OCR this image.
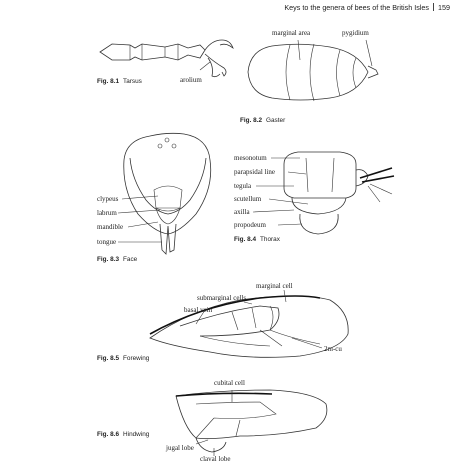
Keys to the genera of bees of the British Isles 159
arolium
marginal area	pygidium
clypeus
labrum
mandible
tongue
mesonotum
parapsidal line
tegula
scutellum
axilla
propodeum
marginal cell
submarginal cells
basal vein
2m-cu
cubital cell
jugal lobe
claval lobe
Fig. 8.1 Tarsus
Fig. 8.2 Gaster
Fig. 8.3 Face
Fig. 8.4 Thorax
Fig. 8.5 Forewing
Fig. 8.6 Hindwing
